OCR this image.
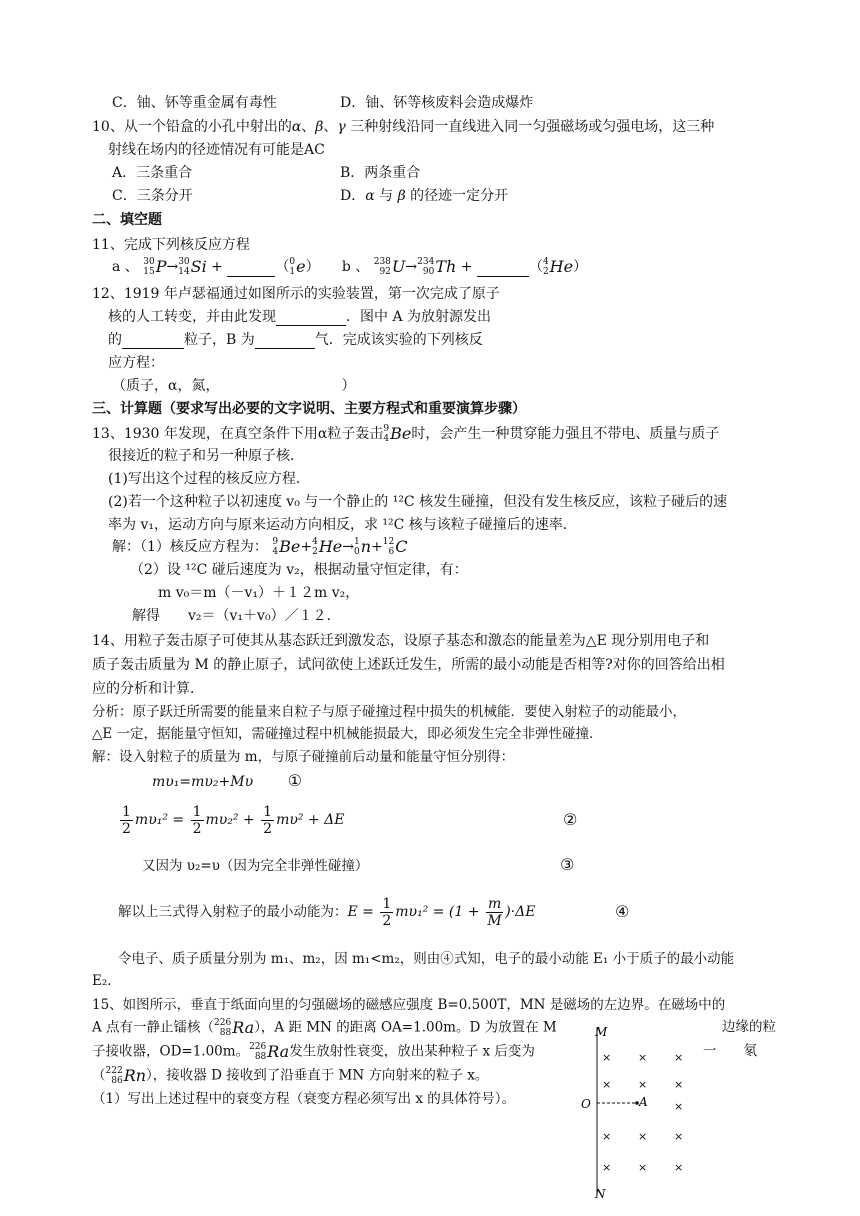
C．铀、钚等重金属有毒性	D．铀、钚等核废料会造成爆炸
10、从一个铅盒的小孔中射出的α、β、γ 三种射线沿同一直线进入同一匀强磁场或匀强电场，这三种
射线在场内的径迹情况有可能是AC
A．三条重合	B．两条重合
C．三条分开	D．α 与 β 的径迹一定分开
二、填空题
11、完成下列核反应方程
a 、 30
15 P→ 30
14 Si +	（ 0
1 e）     b 、 238
92 U→ 234
90 Th +	（ 4
2 He）
12、1919 年卢瑟福通过如图所示的实验装置，第一次完成了原子
核的人工转变，并由此发现	．图中 A 为放射源发出
的	粒子，B 为	气．完成该实验的下列核反
应方程：
（质子，α，氮，	）
三、计算题（要求写出必要的文字说明、主要方程式和重要演算步骤）
13、1930 年发现，在真空条件下用α粒子轰击 9
4 Be时，会产生一种贯穿能力强且不带电、质量与质子
很接近的粒子和另一种原子核．
(1)写出这个过程的核反应方程．
(2)若一个这种粒子以初速度 v₀ 与一个静止的 ¹²C 核发生碰撞，但没有发生核反应，该粒子碰后的速
率为 v₁，运动方向与原来运动方向相反，求 ¹²C 核与该粒子碰撞后的速率．
解：（1）核反应方程为： 9
4 Be+ 4
2 He→ 1
0 n+ 12
6 C
（2）设 ¹²C 碰后速度为 v₂，根据动量守恒定律，有：
m v₀＝m（－v₁）＋１２m v₂，
解得　　v₂＝（v₁＋v₀）／１２．
14、用粒子轰击原子可使其从基态跃迁到激发态，设原子基态和激态的能量差为△E 现分别用电子和
质子轰击质量为 M 的静止原子，试问欲使上述跃迁发生，所需的最小动能是否相等?对你的回答给出相
应的分析和计算．
分析：原子跃迁所需要的能量来自粒子与原子碰撞过程中损失的机械能．要使入射粒子的动能最小，
△E 一定，据能量守恒知，需碰撞过程中机械能损最大，即必须发生完全非弹性碰撞．
解：设入射粒子的质量为 m，与原子碰撞前后动量和能量守恒分别得：
mυ₁=mυ₂+Mυ ①
$\frac{1}{2} m\upsilon_1^2 = \frac{1}{2} m\upsilon_2^2 + \frac{1}{2} m\upsilon^2 + \Delta E$	②
又因为 υ₂=υ（因为完全非弹性碰撞）	③
解以上三式得入射粒子的最小动能为：$E = \frac{1}{2} m\upsilon_1^2 = (1 + \frac{m}{M} )\cdot\Delta E$	④
令电子、质子质量分别为 m₁、m₂，因 m₁<m₂，则由④式知，电子的最小动能 E₁ 小于质子的最小动能
E₂．
15、如图所示，垂直于纸面向里的匀强磁场的磁感应强度 B=0.500T，MN 是磁场的左边界。在磁场中的
A 点有一静止镭核（ 226
88 Ra），A 距 MN 的距离 OA=1.00m。D 为放置在 M	边缘的粒
子接收器，OD=1.00m。 226
88 Ra发生放射性衰变，放出某种粒子 x 后变为	一　　氡
（ 222
86 Rn），接收器 D 接收到了沿垂直于 MN 方向射来的粒子 x。
（1）写出上述过程中的衰变方程（衰变方程必须写出 x 的具体符号）。
M
N
O	A
× × ×
× × ×
×
× × ×
× × ×
